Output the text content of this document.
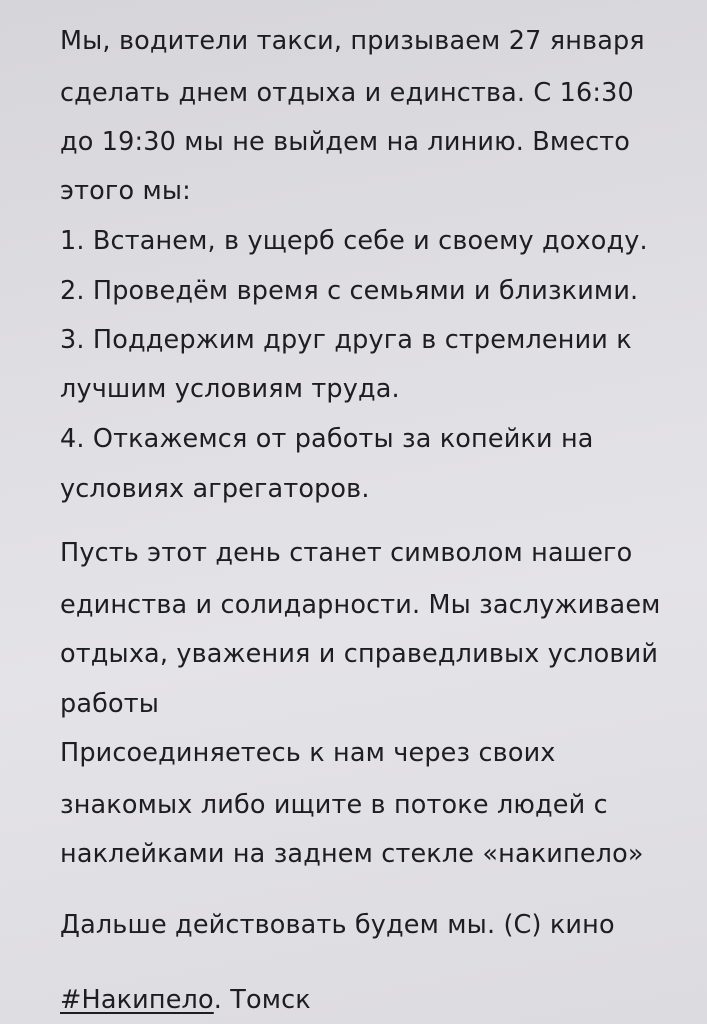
Мы, водители такси, призываем 27 января
сделать днем отдыха и единства. С 16:30
до 19:30 мы не выйдем на линию. Вместо
этого мы:
1. Встанем, в ущерб себе и своему доходу.
2. Проведём время с семьями и близкими.
3. Поддержим друг друга в стремлении к
лучшим условиям труда.
4. Откажемся от работы за копейки на
условиях агрегаторов.
Пусть этот день станет символом нашего
единства и солидарности. Мы заслуживаем
отдыха, уважения и справедливых условий
работы
Присоединяетесь к нам через своих
знакомых либо ищите в потоке людей с
наклейками на заднем стекле «накипело»
Дальше действовать будем мы. (С) кино
#Накипело. Томск
